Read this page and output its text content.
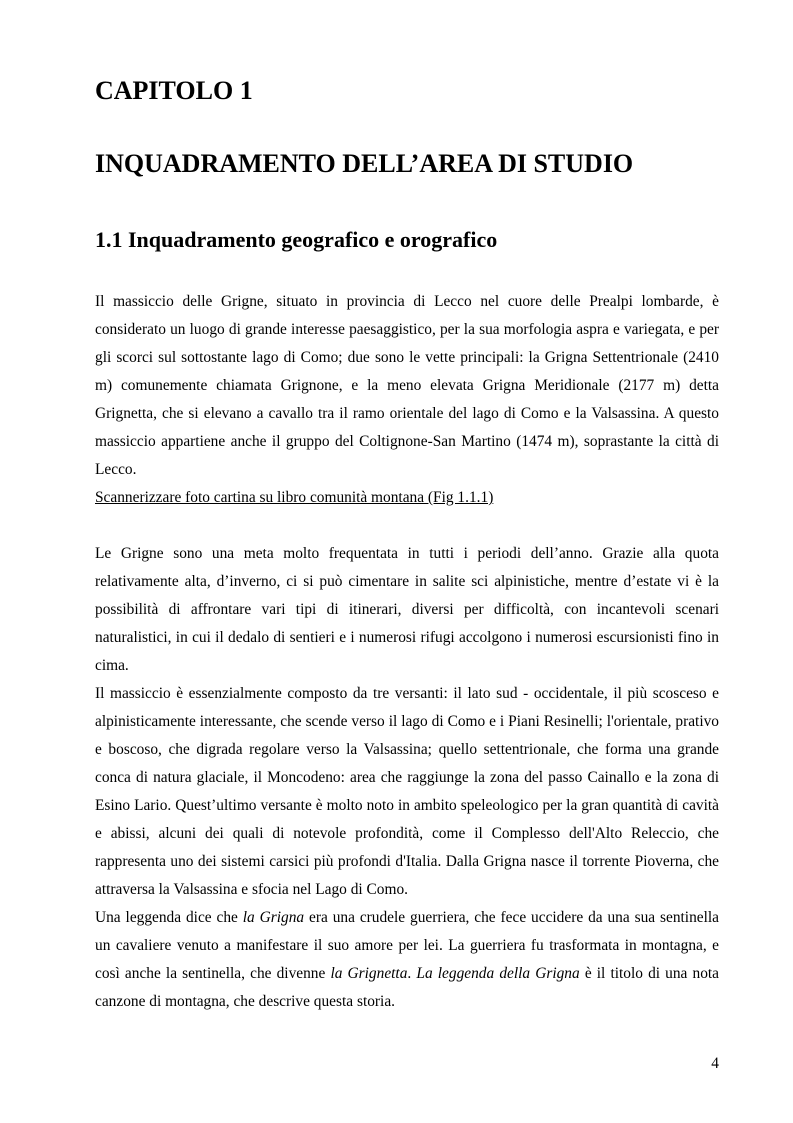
CAPITOLO 1
INQUADRAMENTO DELL’AREA DI STUDIO
1.1 Inquadramento geografico e orografico

Il massiccio delle Grigne, situato in provincia di Lecco nel cuore delle Prealpi lombarde, è considerato un luogo di grande interesse paesaggistico, per la sua morfologia aspra e variegata, e per gli scorci sul sottostante lago di Como; due sono le vette principali: la Grigna Settentrionale (2410 m) comunemente chiamata Grignone, e la meno elevata Grigna Meridionale (2177 m) detta Grignetta, che si elevano a cavallo tra il ramo orientale del lago di Como e la Valsassina. A questo massiccio appartiene anche il gruppo del Coltignone-San Martino (1474 m), soprastante la città di Lecco.

Scannerizzare foto cartina su libro comunità montana (Fig 1.1.1)

Le Grigne sono una meta molto frequentata in tutti i periodi dell’anno. Grazie alla quota relativamente alta, d’inverno, ci si può cimentare in salite sci alpinistiche, mentre d’estate vi è la possibilità di affrontare vari tipi di itinerari, diversi per difficoltà, con incantevoli scenari naturalistici, in cui il dedalo di sentieri e i numerosi rifugi accolgono i numerosi escursionisti fino in cima.

Il massiccio è essenzialmente composto da tre versanti: il lato sud - occidentale, il più scosceso e alpinisticamente interessante, che scende verso il lago di Como e i Piani Resinelli; l'orientale, prativo e boscoso, che digrada regolare verso la Valsassina; quello settentrionale, che forma una grande conca di natura glaciale, il Moncodeno: area che raggiunge la zona del passo Cainallo e la zona di Esino Lario. Quest’ultimo versante è molto noto in ambito speleologico per la gran quantità di cavità e abissi, alcuni dei quali di notevole profondità, come il Complesso dell'Alto Releccio, che rappresenta uno dei sistemi carsici più profondi d'Italia. Dalla Grigna nasce il torrente Pioverna, che attraversa la Valsassina e sfocia nel Lago di Como.

Una leggenda dice che la Grigna era una crudele guerriera, che fece uccidere da una sua sentinella un cavaliere venuto a manifestare il suo amore per lei. La guerriera fu trasformata in montagna, e così anche la sentinella, che divenne la Grignetta. La leggenda della Grigna è il titolo di una nota canzone di montagna, che descrive questa storia.

4
